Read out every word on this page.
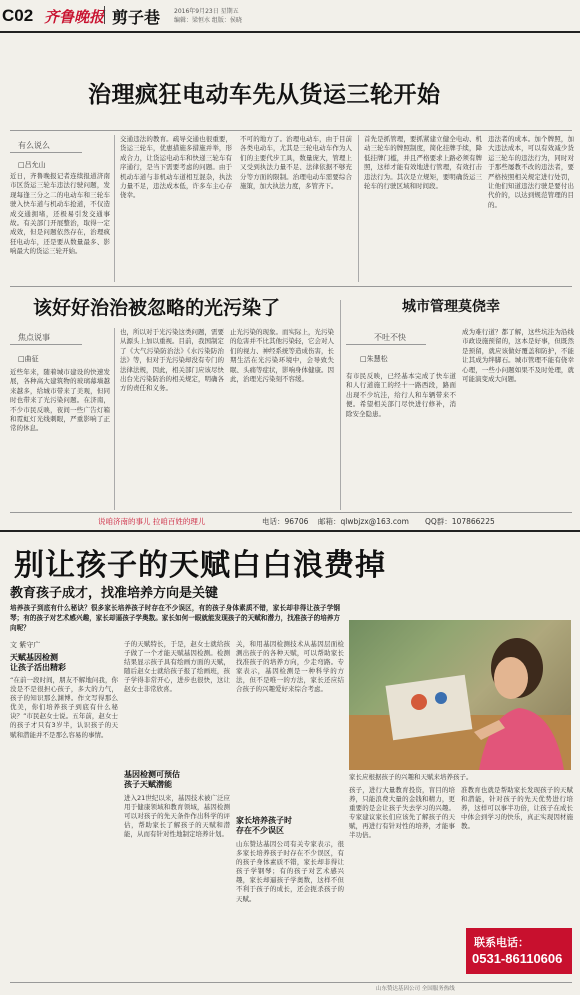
C02 齐鲁晚报 剪子巷 2016年9月23日 星期五
编辑：梁恒水 组版：侯晓
治理疯狂电动车先从货运三轮开始
有么说么
□吕允山
近日，齐鲁晚报记者连续报道济南市区货运三轮车违法行驶问题，发现每逢三分之二的电动车和三轮车驶入快车道与机动车抢道，不仅造成交通拥堵，还极易引发交通事故。有关部门开展整治，取得一定成效，但是问题依然存在，治理疯狂电动车，还是要从数量最多、影响最大的货运三轮开始。
交通违法的教育。疏导交通也很重要，货运三轮车，优惠措施多措施并举，形成合力，让货运电动车和快递三轮车有序通行，是当下需要考虑的问题。由于机动车道与非机动车道相互混杂，执法力量不足，违法成本低，许多车主心存侥幸。
不可的地方了。治理电动车，由于目前各类电动车，尤其是三轮电动车作为人们的主要代步工具，数量庞大，管理上又受到执法力量不足、法律依据不够充分等方面的限制。治理电动车需要综合施策，加大执法力度，多管齐下。
首先是抓管理，要抓紧建立健全电动、机动三轮车的牌照制度，简化挂牌手续，降低挂牌门槛，并且严格要求上路必须有牌照，这样才能有效地进行管理，有效打击违法行为。其次是立规矩，要明确货运三轮车的行驶区域和时间段。
违法者的成本。加个牌照，加大违法成本，可以有效减少货运三轮车的违法行为，同时对于那些屡教不改的违法者，要严格按照相关规定进行处罚，让他们知道违法行驶是要付出代价的，以达到规范管理的目的。
该好好治治被忽略的光污染了
焦点说事
□曲征
近些年来，随着城市建设的快速发展，各种高大建筑物的玻璃幕墙越来越多，给城市带来了美观，但同时也带来了光污染问题。在济南，不少市民反映，夜间一些广告灯箱和霓虹灯光线刺眼，严重影响了正常的休息。
也，所以对于光污染这类问题，需要从源头上加以重视。目前，我国制定了《大气污染防治法》《水污染防治法》等，但对于光污染却没有专门的法律法规，因此，相关部门应该尽快出台光污染防治的相关规定，明确各方的责任和义务。
止光污染的现象。而实际上，光污染的危害并不比其他污染轻，它会对人们的视力、神经系统等造成伤害，长期生活在光污染环境中，会导致失眠、头痛等症状，影响身体健康。因此，治理光污染刻不容缓。
城市管理莫侥幸
不吐不快
□朱慧松
有市民反映，已经基本完成了快车道和人行道施工的经十一路西段，路面出现不少坑洼，给行人和车辆带来不便。希望相关部门尽快进行修补，消除安全隐患。
成为难行道？都了解，这些坑洼为沿线市政设施预留的，这本是好事，但既然是预留，就应该做好覆盖和防护，不能让其成为绊脚石。城市管理不能有侥幸心理，一些小问题如果不及时处理，就可能演变成大问题。
说咱济南的事儿 拉咱百姓的理儿	电话：96706 邮箱：qlwbjzx@163.com QQ群：107866225
别让孩子的天赋白白浪费掉
教育孩子成才，找准培养方向是关键
培养孩子到底有什么秘诀？很多家长培养孩子时存在不少误区，有的孩子身体素质不错，家长却非得让孩子学钢琴；有的孩子对艺术感兴趣，家长却逼孩子学奥数。家长如何一眼就能发现孩子的天赋和潜力，找准孩子的培养方向呢？
文 紫守广
天赋基因检测
让孩子活出精彩
“在前一段时间，朋友不解地问我，你没是不是很担心孩子，多大的力气，孩子的知识那么渊博。作文写得那么优美，你们培养孩子到底有什么秘诀？”市民赵女士说。五年前，赵女士的孩子才只有3岁半，认识孩子的天赋和潜能并不是那么容易的事情。
子的天赋特长，于是，赵女士就给孩子做了一个才能天赋基因检测。检测结果显示孩子具有绘画方面的天赋，随后赵女士就给孩子报了绘画班，孩子学得非常开心，进步也很快，这让赵女士非常欣喜。
基因检测可预估
孩子天赋潜能
进入21世纪以来，基因技术被广泛应用于健康领域和教育领域，基因检测可以对孩子的先天条件作出科学的评估，帮助家长了解孩子的天赋和潜能，从而有针对性地制定培养计划。
关，和用基因检测技术从基因层面检测出孩子的各种天赋，可以帮助家长找准孩子的培养方向，少走弯路。专家表示，基因检测是一种科学的方法，但不是唯一的方法，家长还应结合孩子的兴趣爱好来综合考虑。
家长培养孩子时
存在不少误区
山东赞达基因公司有关专家表示，很多家长培养孩子时存在不少误区，有的孩子身体素质不错，家长却非得让孩子学钢琴；有的孩子对艺术感兴趣，家长却逼孩子学奥数，这样不但不利于孩子的成长，还会扼杀孩子的天赋。
家长应根据孩子的兴趣和天赋来培养孩子。
孩子，进行大量教育投资，盲目的培养，只能浪费大量的金钱和精力，更重要的是会让孩子失去学习的兴趣。专家建议家长们应该先了解孩子的天赋，再进行有针对性的培养，才能事半功倍。
准教育也就是帮助家长发现孩子的天赋和潜能，针对孩子的先天优势进行培养，这样可以事半功倍，让孩子在成长中体会到学习的快乐，真正实现因材施教。
联系电话：
0531-86110606
山东赞达基因公司 全国服务热线
